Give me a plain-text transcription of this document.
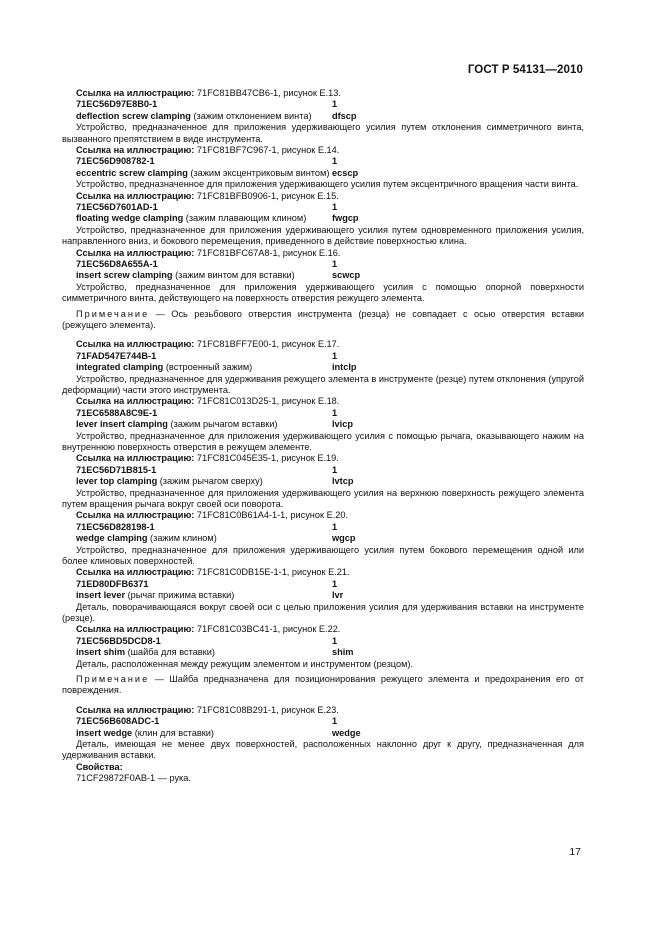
ГОСТ Р 54131—2010
Ссылка на иллюстрацию: 71FC81BB47CB6-1, рисунок Е.13.
71EC56D97E8B0-1	1
deflection screw clamping (зажим отклонением винта) dfscp
Устройство, предназначенное для приложения удерживающего усилия путем отклонения симметричного винта, вызванного препятствием в виде инструмента.
Ссылка на иллюстрацию: 71FC81BF7C967-1, рисунок Е.14.
71EC56D908782-1	1
eccentric screw clamping (зажим эксцентриковым винтом) ecscp
Устройство, предназначенное для приложения удерживающего усилия путем эксцентричного вращения части винта.
Ссылка на иллюстрацию: 71FC81BFB0906-1, рисунок Е.15.
71EC56D7601AD-1	1
floating wedge clamping (зажим плавающим клином)	fwgcp
Устройство, предназначенное для приложения удерживающего усилия путем одновременного приложения усилия, направленного вниз, и бокового перемещения, приведенного в действие поверхностью клина.
Ссылка на иллюстрацию: 71FC81BFC67A8-1, рисунок Е.16.
71EC56D8A655A-1	1
insert screw clamping (зажим винтом для вставки)	scwcp
Устройство, предназначенное для приложения удерживающего усилия с помощью опорной поверхности симметричного винта, действующего на поверхность отверстия режущего элемента.
Примечание — Ось резьбового отверстия инструмента (резца) не совпадает с осью отверстия вставки (режущего элемента).
Ссылка на иллюстрацию: 71FC81BFF7E00-1, рисунок Е.17.
71FAD547E744B-1	1
integrated clamping (встроенный зажим)	intclp
Устройство, предназначенное для удерживания режущего элемента в инструменте (резце) путем отклонения (упругой деформации) части этого инструмента.
Ссылка на иллюстрацию: 71FC81C013D25-1, рисунок Е.18.
71EC6588A8C9E-1	1
lever insert clamping (зажим рычагом вставки)	lvicp
Устройство, предназначенное для приложения удерживающего усилия с помощью рычага, оказывающего нажим на внутреннюю поверхность отверстия в режущем элементе.
Ссылка на иллюстрацию: 71FC81C045E35-1, рисунок Е.19.
71EC56D71B815-1	1
lever top clamping (зажим рычагом сверху)	lvtcp
Устройство, предназначенное для приложения удерживающего усилия на верхнюю поверхность режущего элемента путем вращения рычага вокруг своей оси поворота.
Ссылка на иллюстрацию: 71FC81C0B61A4-1-1, рисунок Е.20.
71EC56D828198-1	1
wedge clamping (зажим клином)	wgcp
Устройство, предназначенное для приложения удерживающего усилия путем бокового перемещения одной или более клиновых поверхностей.
Ссылка на иллюстрацию: 71FC81C0DB15E-1-1, рисунок Е.21.
71ED80DFB6371	1
insert lever (рычаг прижима вставки)	lvr
Деталь, поворачивающаяся вокруг своей оси с целью приложения усилия для удерживания вставки на инструменте (резце).
Ссылка на иллюстрацию: 71FC81C03BC41-1, рисунок Е.22.
71EC56BD5DCD8-1	1
insert shim (шайба для вставки)	shim
Деталь, расположенная между режущим элементом и инструментом (резцом).
Примечание — Шайба предназначена для позиционирования режущего элемента и предохранения его от повреждения.
Ссылка на иллюстрацию: 71FC81C08B291-1, рисунок Е.23.
71EC56B608ADC-1	1
insert wedge (клин для вставки)	wedge
Деталь, имеющая не менее двух поверхностей, расположенных наклонно друг к другу, предназначенная для удерживания вставки.
Свойства:
71CF29872F0AB-1 — рука.
17
